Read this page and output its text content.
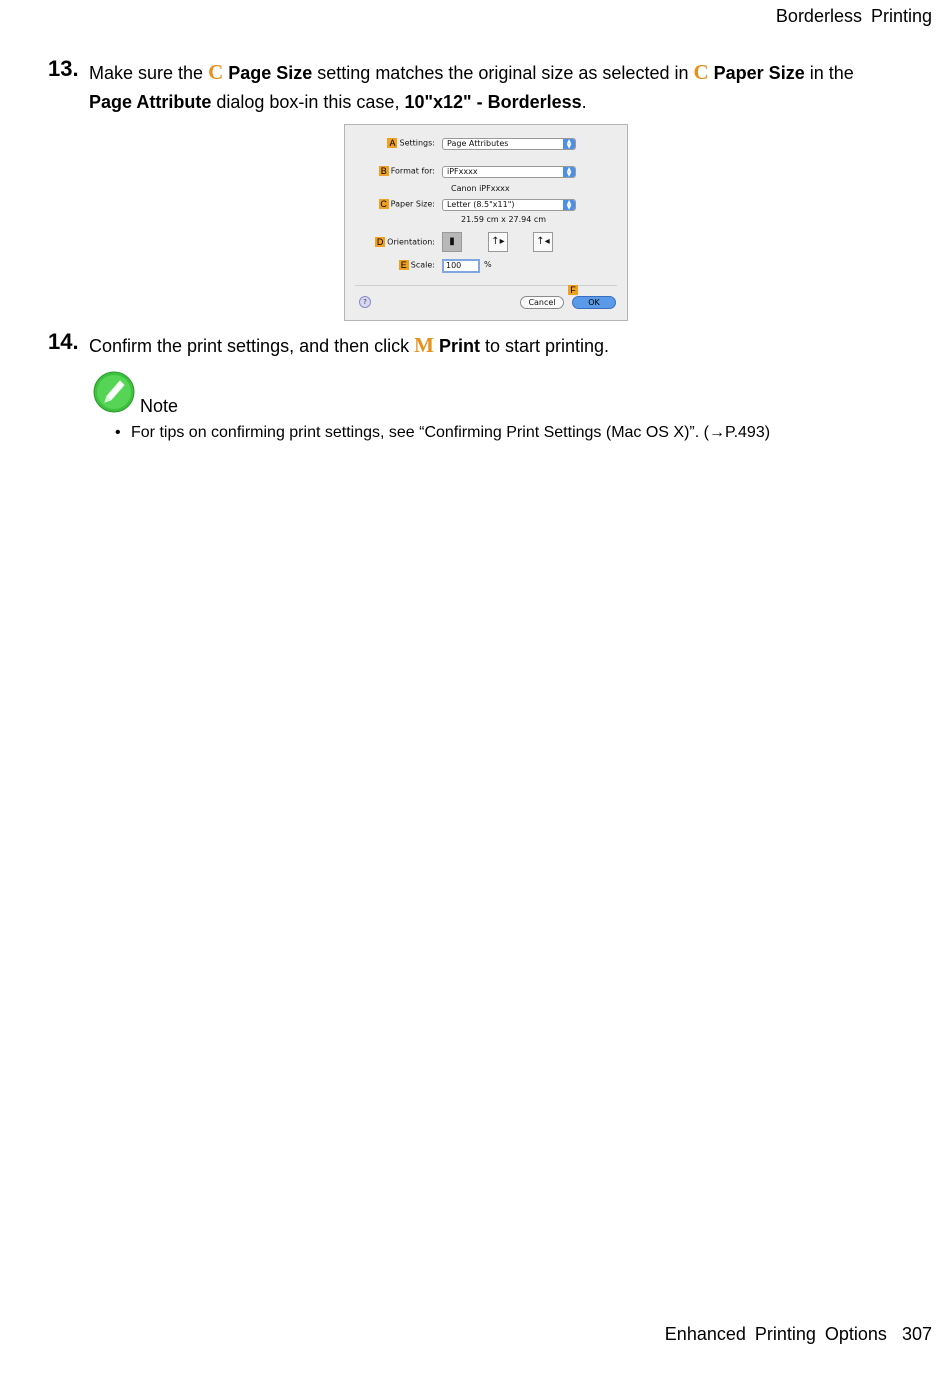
Borderless Printing
13. Make sure the C Page Size setting matches the original size as selected in C Paper Size in the
Page Attribute dialog box-in this case, 10"x12" - Borderless.
A Settings:	Page Attributes	▲
▼
B Format for:	iPFxxxx	▲
▼
Canon iPFxxxx
C Paper Size:	Letter (8.5"x11")	▲
▼
21.59 cm x 27.94 cm
D Orientation:	▮	↑▸	↑◂
E Scale:	100	%
F
?	Cancel	OK
14. Confirm the print settings, and then click M Print to start printing.
Note
• For tips on confirming print settings, see “Confirming Print Settings (Mac OS X)”. (→P.493)
Enhanced Printing Options 307
